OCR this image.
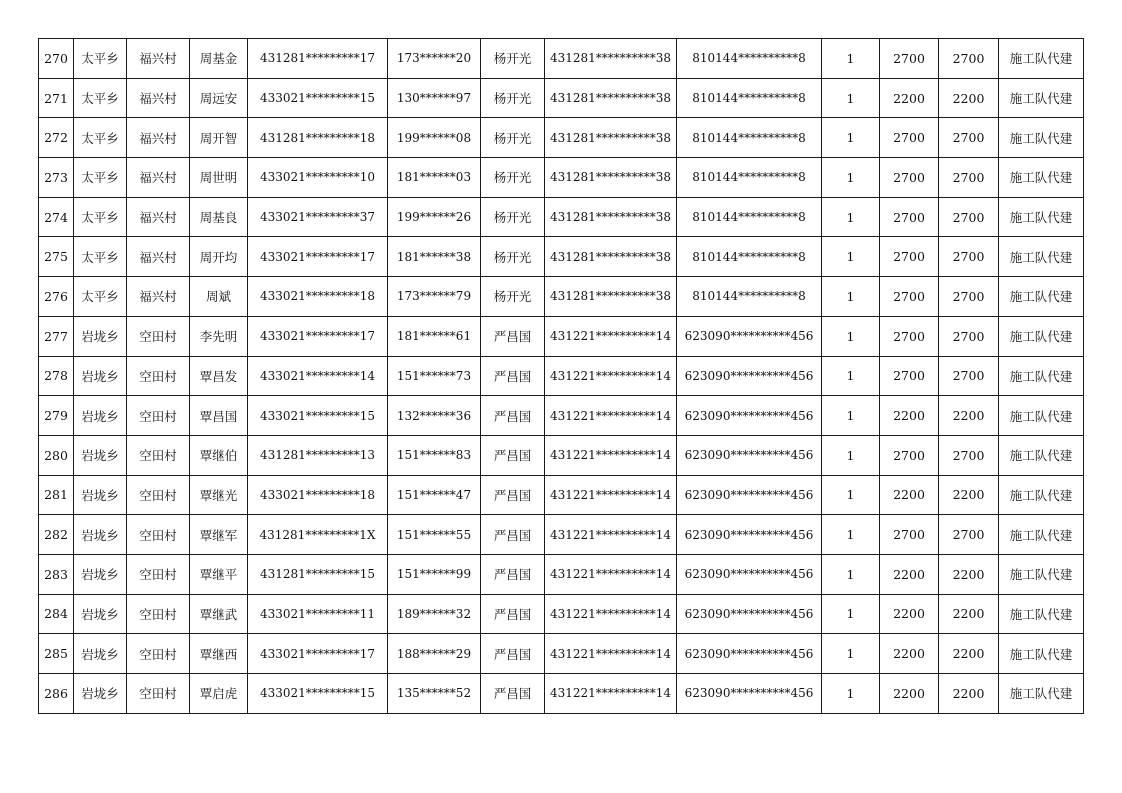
270	太平乡	福兴村	周基金	431281*********17	173******20	杨开光	431281**********38	810144**********8	1	2700	2700	施工队代建
271	太平乡	福兴村	周远安	433021*********15	130******97	杨开光	431281**********38	810144**********8	1	2200	2200	施工队代建
272	太平乡	福兴村	周开智	431281*********18	199******08	杨开光	431281**********38	810144**********8	1	2700	2700	施工队代建
273	太平乡	福兴村	周世明	433021*********10	181******03	杨开光	431281**********38	810144**********8	1	2700	2700	施工队代建
274	太平乡	福兴村	周基良	433021*********37	199******26	杨开光	431281**********38	810144**********8	1	2700	2700	施工队代建
275	太平乡	福兴村	周开均	433021*********17	181******38	杨开光	431281**********38	810144**********8	1	2700	2700	施工队代建
276	太平乡	福兴村	周斌	433021*********18	173******79	杨开光	431281**********38	810144**********8	1	2700	2700	施工队代建
277	岩垅乡	空田村	李先明	433021*********17	181******61	严昌国	431221**********14	623090**********456	1	2700	2700	施工队代建
278	岩垅乡	空田村	覃昌发	433021*********14	151******73	严昌国	431221**********14	623090**********456	1	2700	2700	施工队代建
279	岩垅乡	空田村	覃昌国	433021*********15	132******36	严昌国	431221**********14	623090**********456	1	2200	2200	施工队代建
280	岩垅乡	空田村	覃继伯	431281*********13	151******83	严昌国	431221**********14	623090**********456	1	2700	2700	施工队代建
281	岩垅乡	空田村	覃继光	433021*********18	151******47	严昌国	431221**********14	623090**********456	1	2200	2200	施工队代建
282	岩垅乡	空田村	覃继军	431281*********1X	151******55	严昌国	431221**********14	623090**********456	1	2700	2700	施工队代建
283	岩垅乡	空田村	覃继平	431281*********15	151******99	严昌国	431221**********14	623090**********456	1	2200	2200	施工队代建
284	岩垅乡	空田村	覃继武	433021*********11	189******32	严昌国	431221**********14	623090**********456	1	2200	2200	施工队代建
285	岩垅乡	空田村	覃继西	433021*********17	188******29	严昌国	431221**********14	623090**********456	1	2200	2200	施工队代建
286	岩垅乡	空田村	覃启虎	433021*********15	135******52	严昌国	431221**********14	623090**********456	1	2200	2200	施工队代建
